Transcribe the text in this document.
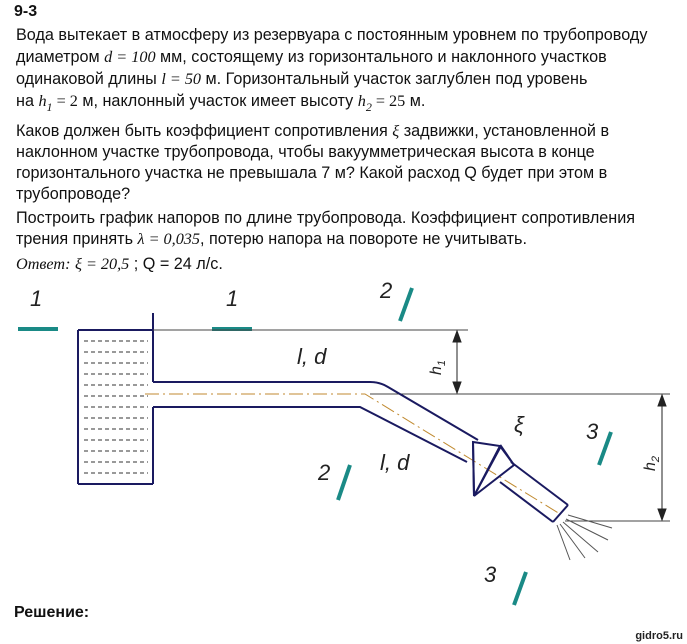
9-3
Вода вытекает в атмосферу из резервуара с постоянным уровнем по трубопроводу
диаметром d = 100 мм, состоящему из горизонтального и наклонного участков
одинаковой длины l = 50 м. Горизонтальный участок заглублен под уровень
на $h_1 = 2$ м, наклонный участок имеет высоту $h_2 = 25$ м.
Каков должен быть коэффициент сопротивления ξ задвижки, установленной в
наклонном участке трубопровода, чтобы вакуумметрическая высота в конце
горизонтального участка не превышала 7 м? Какой расход Q будет при этом в
трубопроводе?
Построить график напоров по длине трубопровода. Коэффициент сопротивления
трения принять λ = 0,035, потерю напора на повороте не учитывать.
Ответ: ξ = 20,5 ; Q = 24 л/с.
1	1	2
2
3
3
ξ
l, d
l, d
$h_1$
$h_2$
Решение:
gidro5.ru
